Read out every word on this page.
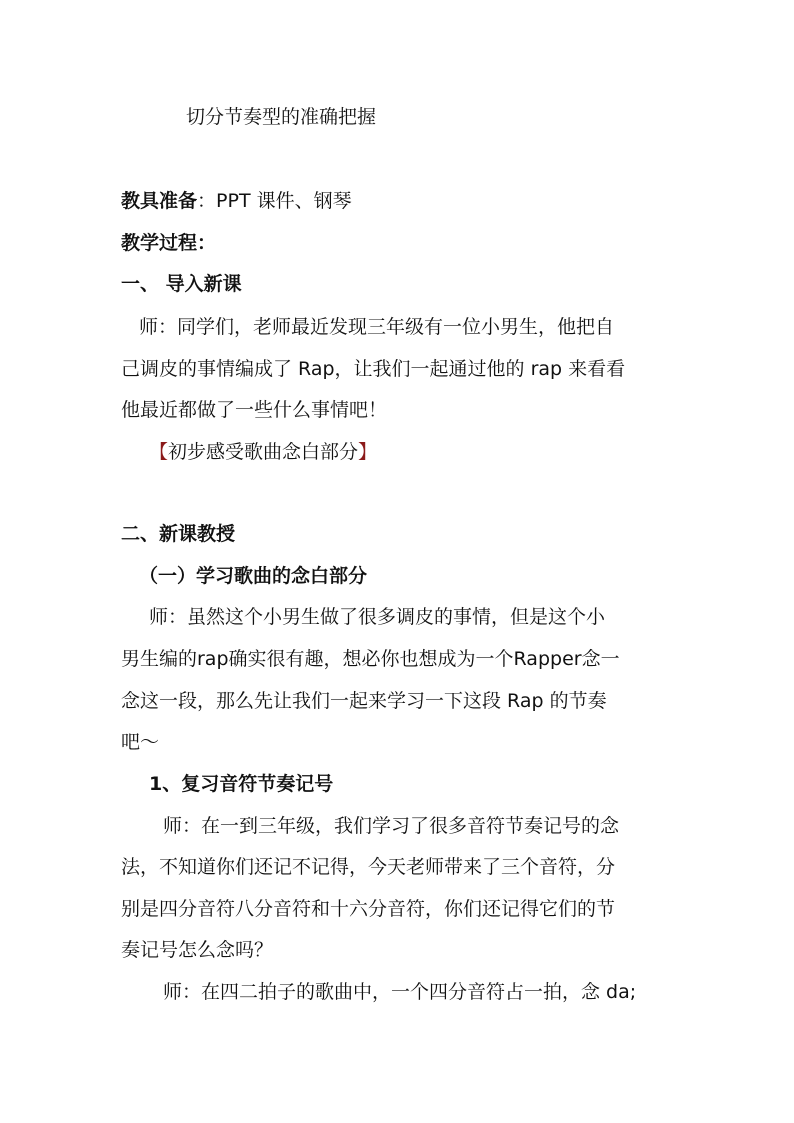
切分节奏型的准确把握
教具准备：PPT 课件、钢琴
教学过程：
一、 导入新课
师：同学们，老师最近发现三年级有一位小男生，他把自
己调皮的事情编成了 Rap，让我们一起通过他的 rap 来看看
他最近都做了一些什么事情吧！
【初步感受歌曲念白部分】
二、新课教授
（一）学习歌曲的念白部分
师：虽然这个小男生做了很多调皮的事情，但是这个小
男生编的rap确实很有趣，想必你也想成为一个Rapper念一
念这一段，那么先让我们一起来学习一下这段 Rap 的节奏
吧～
1、复习音符节奏记号
师：在一到三年级，我们学习了很多音符节奏记号的念
法，不知道你们还记不记得，今天老师带来了三个音符，分
别是四分音符八分音符和十六分音符，你们还记得它们的节
奏记号怎么念吗？
师：在四二拍子的歌曲中，一个四分音符占一拍，念 da;
